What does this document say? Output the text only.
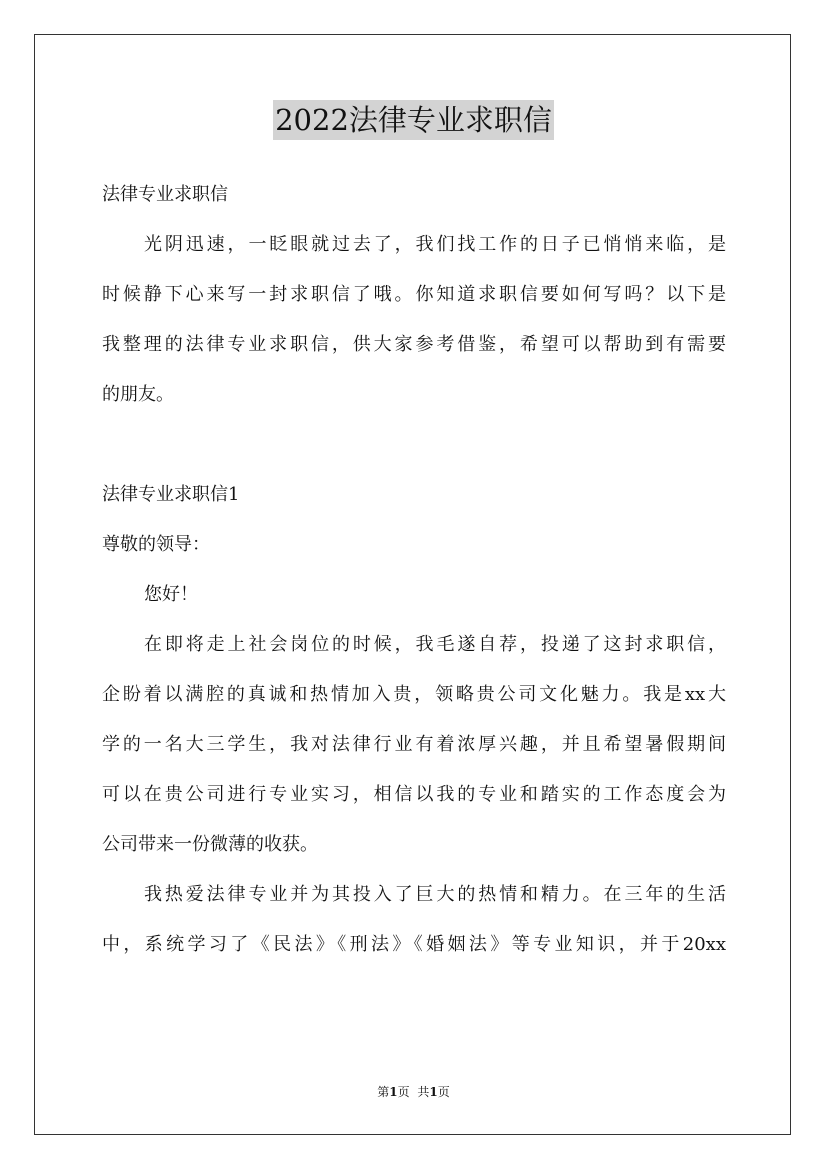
2022法律专业求职信
法律专业求职信
光阴迅速，一眨眼就过去了，我们找工作的日子已悄悄来临，是
时候静下心来写一封求职信了哦。你知道求职信要如何写吗？以下是
我整理的法律专业求职信，供大家参考借鉴，希望可以帮助到有需要
的朋友。
法律专业求职信1
尊敬的领导：
您好！
在即将走上社会岗位的时候，我毛遂自荐，投递了这封求职信，
企盼着以满腔的真诚和热情加入贵，领略贵公司文化魅力。我是xx大
学的一名大三学生，我对法律行业有着浓厚兴趣，并且希望暑假期间
可以在贵公司进行专业实习，相信以我的专业和踏实的工作态度会为
公司带来一份微薄的收获。
我热爱法律专业并为其投入了巨大的热情和精力。在三年的生活
中，系统学习了《民法》《刑法》《婚姻法》等专业知识，并于20xx
第1页 共1页
